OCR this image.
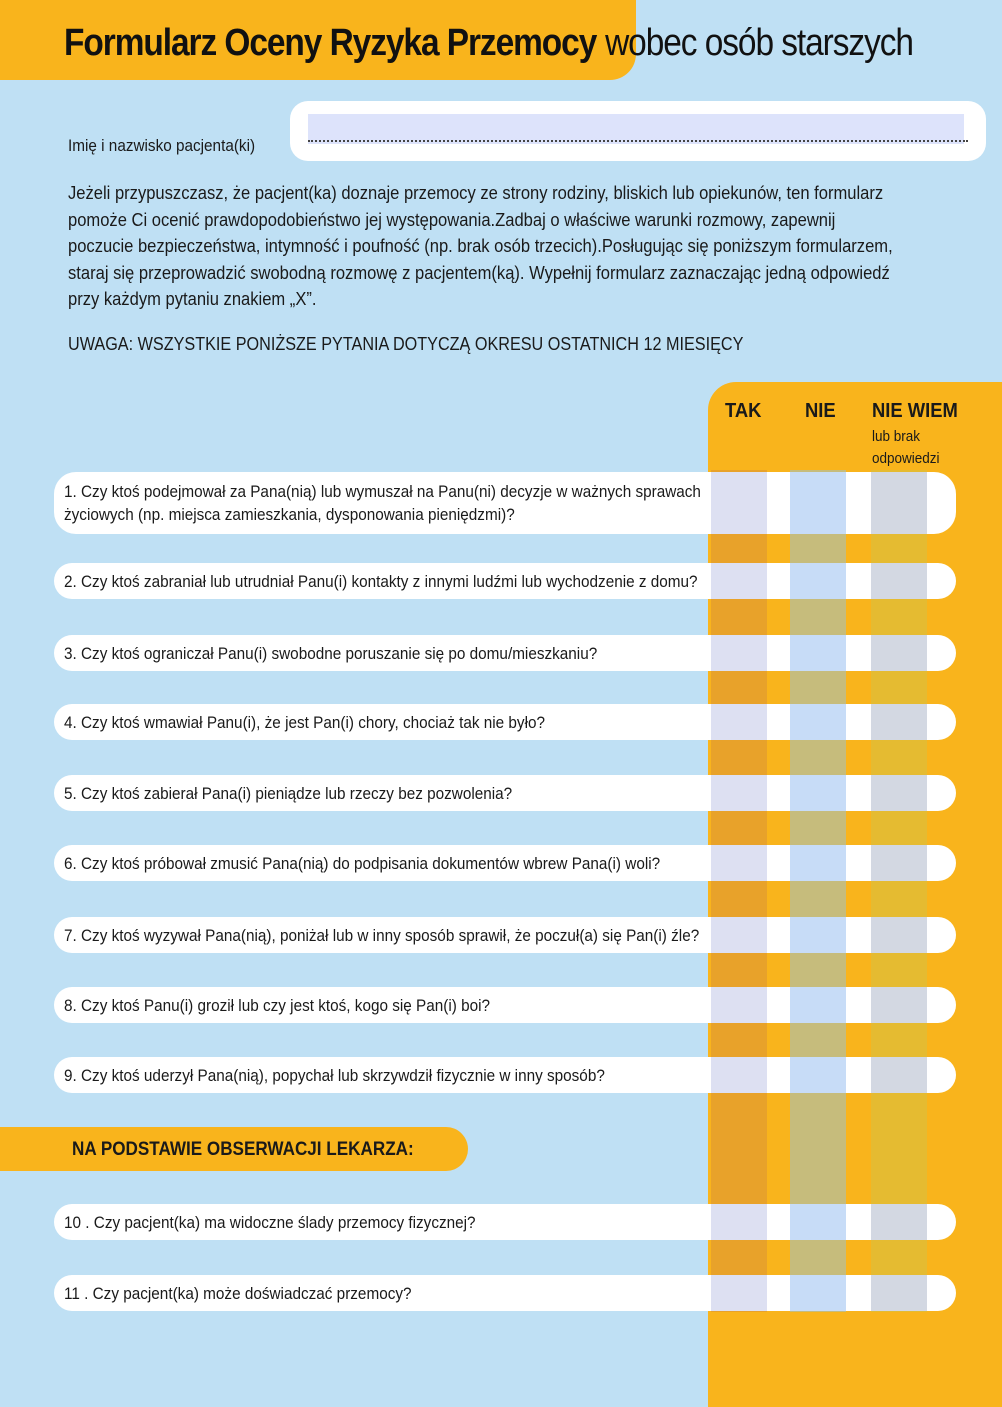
Formularz Oceny Ryzyka Przemocy wobec osób starszych
Imię i nazwisko pacjenta(ki)
Jeżeli przypuszczasz, że pacjent(ka) doznaje przemocy ze strony rodziny, bliskich lub opiekunów, ten formularz
pomoże Ci ocenić prawdopodobieństwo jej występowania.Zadbaj o właściwe warunki rozmowy, zapewnij
poczucie bezpieczeństwa, intymność i poufność (np. brak osób trzecich).Posługując się poniższym formularzem,
staraj się przeprowadzić swobodną rozmowę z pacjentem(ką). Wypełnij formularz zaznaczając jedną odpowiedź
przy każdym pytaniu znakiem „X”.
UWAGA: WSZYSTKIE PONIŻSZE PYTANIA DOTYCZĄ OKRESU OSTATNICH 12 MIESIĘCY
TAK NIE NIE WIEM
lub brak
odpowiedzi
1. Czy ktoś podejmował za Pana(nią) lub wymuszał na Panu(ni) decyzje w ważnych sprawach
życiowych (np. miejsca zamieszkania, dysponowania pieniędzmi)?
2. Czy ktoś zabraniał lub utrudniał Panu(i) kontakty z innymi ludźmi lub wychodzenie z domu?
3. Czy ktoś ograniczał Panu(i) swobodne poruszanie się po domu/mieszkaniu?
4. Czy ktoś wmawiał Panu(i), że jest Pan(i) chory, chociaż tak nie było?
5. Czy ktoś zabierał Pana(i) pieniądze lub rzeczy bez pozwolenia?
6. Czy ktoś próbował zmusić Pana(nią) do podpisania dokumentów wbrew Pana(i) woli?
7. Czy ktoś wyzywał Pana(nią), poniżał lub w inny sposób sprawił, że poczuł(a) się Pan(i) źle?
8. Czy ktoś Panu(i) groził lub czy jest ktoś, kogo się Pan(i) boi?
9. Czy ktoś uderzył Pana(nią), popychał lub skrzywdził fizycznie w inny sposób?
NA PODSTAWIE OBSERWACJI LEKARZA:
10 . Czy pacjent(ka) ma widoczne ślady przemocy fizycznej?
11 . Czy pacjent(ka) może doświadczać przemocy?
